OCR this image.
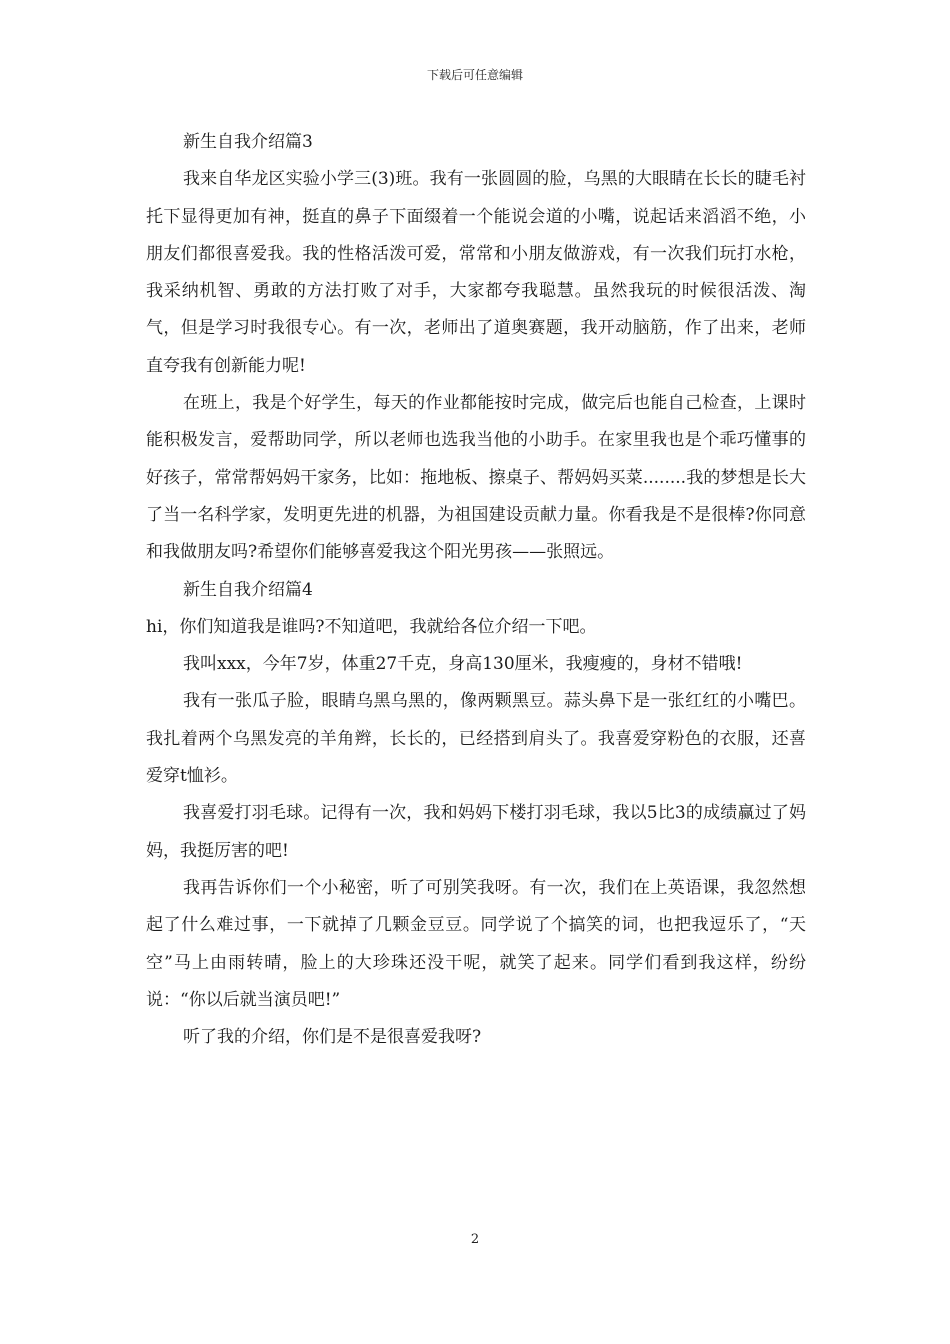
下载后可任意编辑

新生自我介绍篇3

我来自华龙区实验小学三(3)班。我有一张圆圆的脸，乌黑的大眼睛在长长的睫毛衬托下显得更加有神，挺直的鼻子下面缀着一个能说会道的小嘴，说起话来滔滔不绝，小朋友们都很喜爱我。我的性格活泼可爱，常常和小朋友做游戏，有一次我们玩打水枪，我采纳机智、勇敢的方法打败了对手，大家都夸我聪慧。虽然我玩的时候很活泼、淘气，但是学习时我很专心。有一次，老师出了道奥赛题，我开动脑筋，作了出来，老师直夸我有创新能力呢!

在班上，我是个好学生，每天的作业都能按时完成，做完后也能自己检查，上课时能积极发言，爱帮助同学，所以老师也选我当他的小助手。在家里我也是个乖巧懂事的好孩子，常常帮妈妈干家务，比如：拖地板、擦桌子、帮妈妈买菜........我的梦想是长大了当一名科学家，发明更先进的机器，为祖国建设贡献力量。你看我是不是很棒?你同意和我做朋友吗?希望你们能够喜爱我这个阳光男孩——张照远。

新生自我介绍篇4

hi，你们知道我是谁吗?不知道吧，我就给各位介绍一下吧。

我叫xxx，今年7岁，体重27千克，身高130厘米，我瘦瘦的，身材不错哦!

我有一张瓜子脸，眼睛乌黑乌黑的，像两颗黑豆。蒜头鼻下是一张红红的小嘴巴。我扎着两个乌黑发亮的羊角辫，长长的，已经搭到肩头了。我喜爱穿粉色的衣服，还喜爱穿t恤衫。

我喜爱打羽毛球。记得有一次，我和妈妈下楼打羽毛球，我以5比3的成绩赢过了妈妈，我挺厉害的吧!

我再告诉你们一个小秘密，听了可别笑我呀。有一次，我们在上英语课，我忽然想起了什么难过事，一下就掉了几颗金豆豆。同学说了个搞笑的词，也把我逗乐了，“天空”马上由雨转晴，脸上的大珍珠还没干呢，就笑了起来。同学们看到我这样，纷纷说：“你以后就当演员吧!”

听了我的介绍，你们是不是很喜爱我呀?

2
